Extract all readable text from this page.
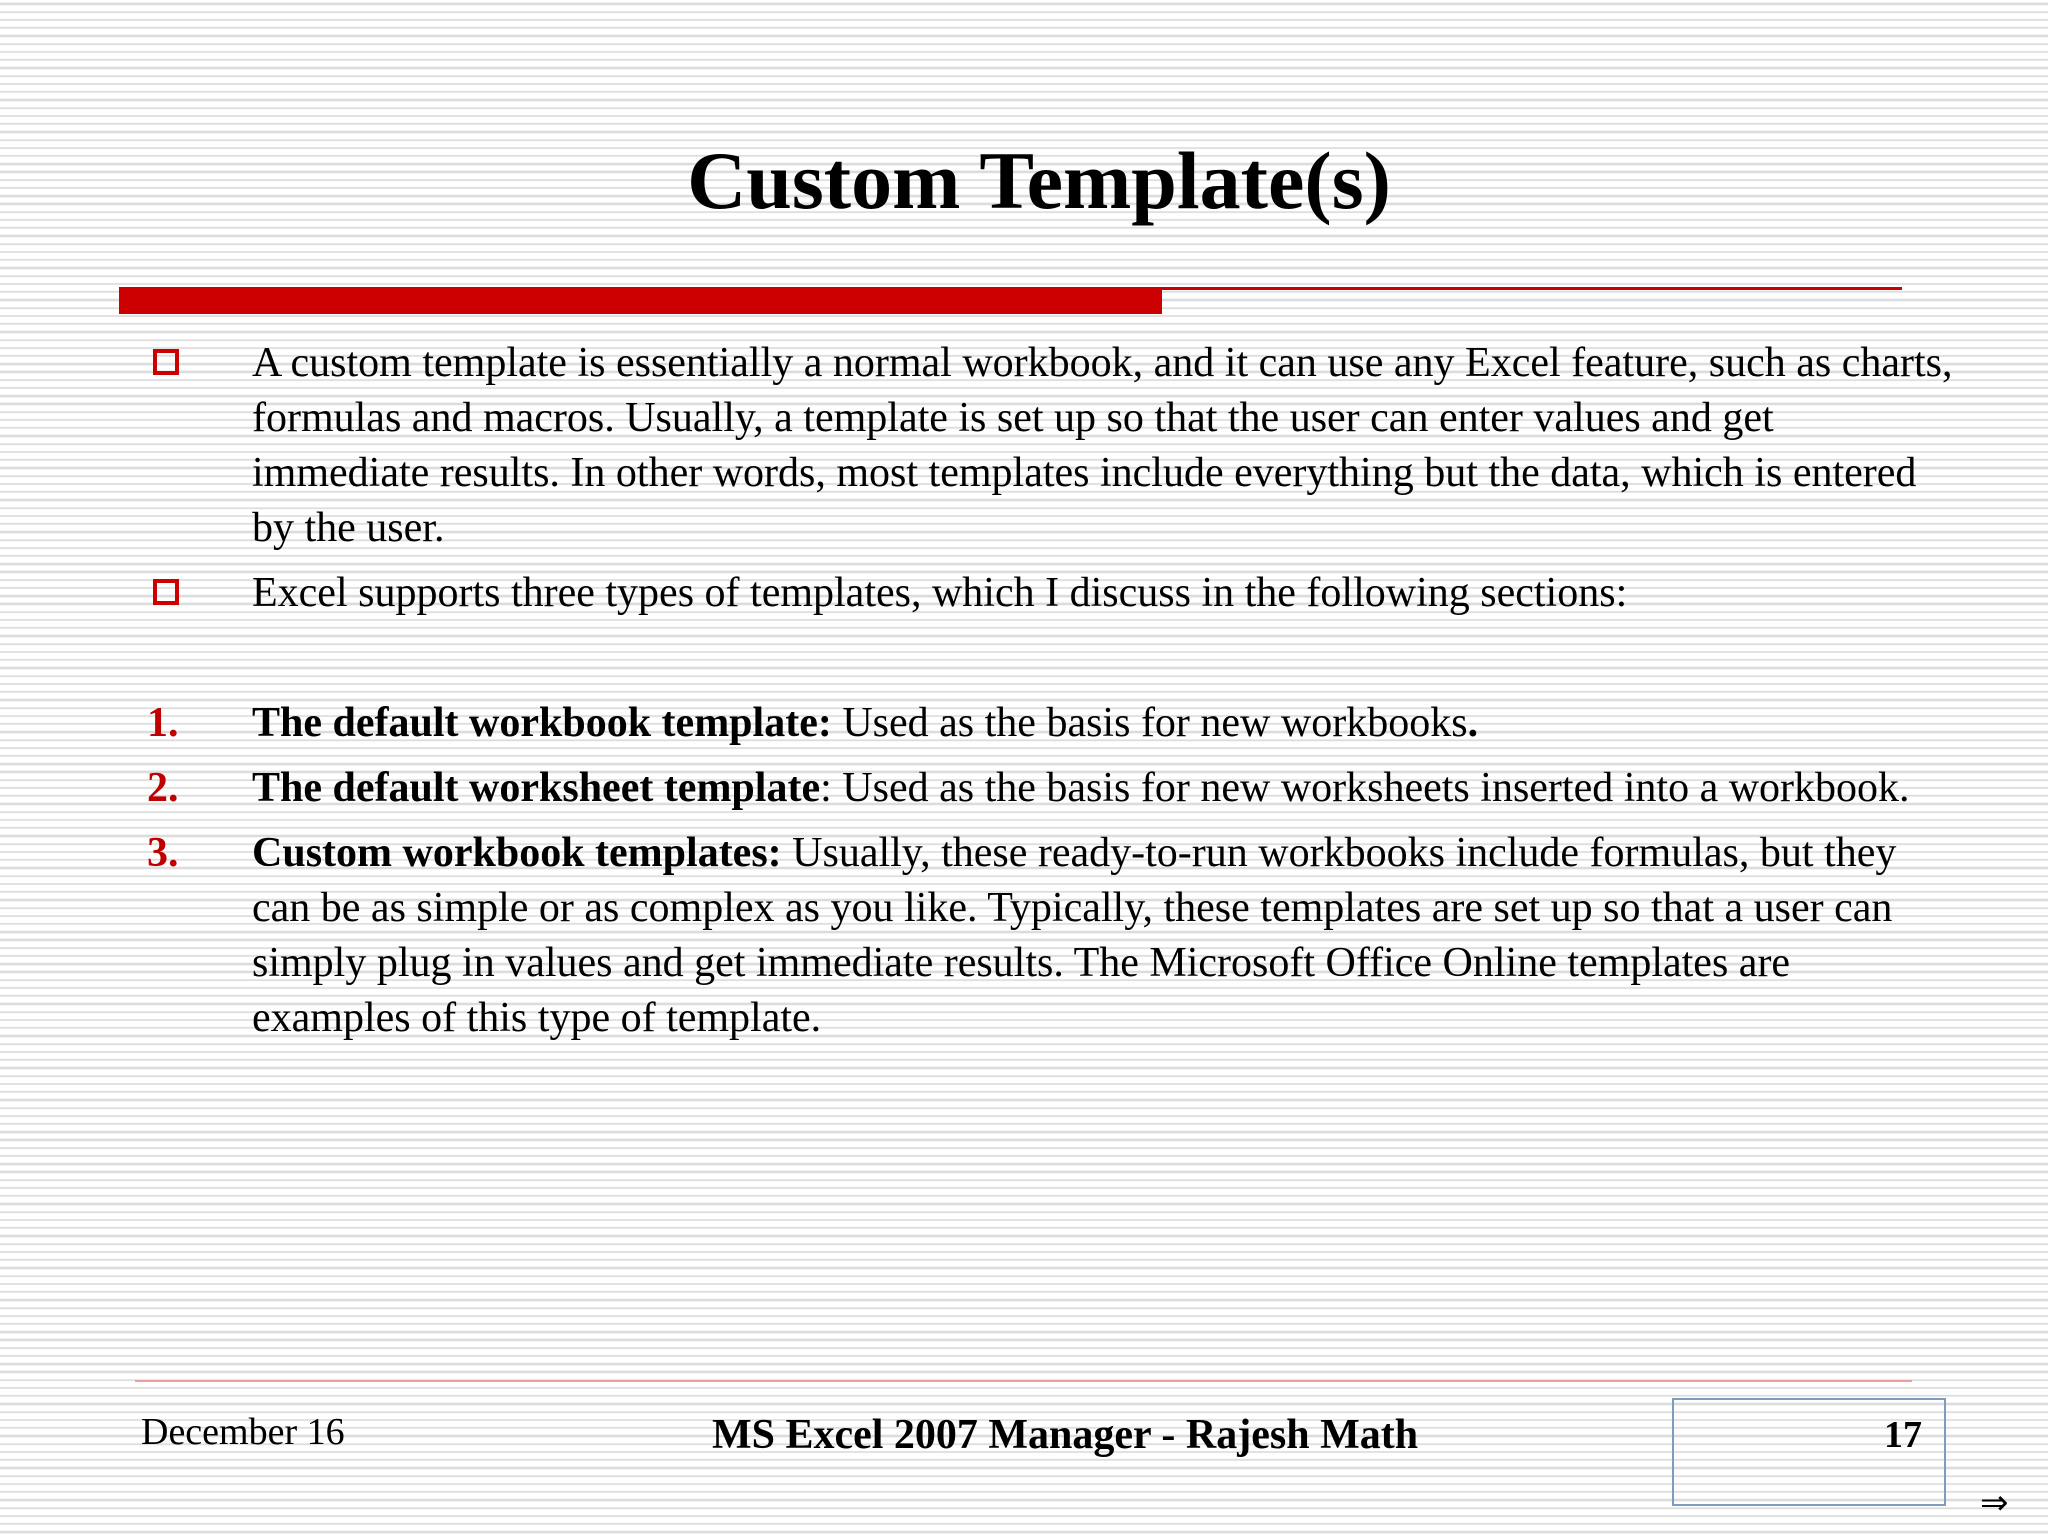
Custom Template(s)
A custom template is essentially a normal workbook, and it can use any Excel feature, such as charts, formulas and macros. Usually, a template is set up so that the user can enter values and get immediate results. In other words, most templates include everything but the data, which is entered by the user.
Excel supports three types of templates, which I discuss in the following sections:
1. The default workbook template: Used as the basis for new workbooks.
2. The default worksheet template: Used as the basis for new worksheets inserted into a workbook.
3. Custom workbook templates: Usually, these ready-to-run workbooks include formulas, but they can be as simple or as complex as you like. Typically, these templates are set up so that a user can simply plug in values and get immediate results. The Microsoft Office Online templates are examples of this type of template.
December 16	MS Excel 2007 Manager - Rajesh Math	17
⇒
